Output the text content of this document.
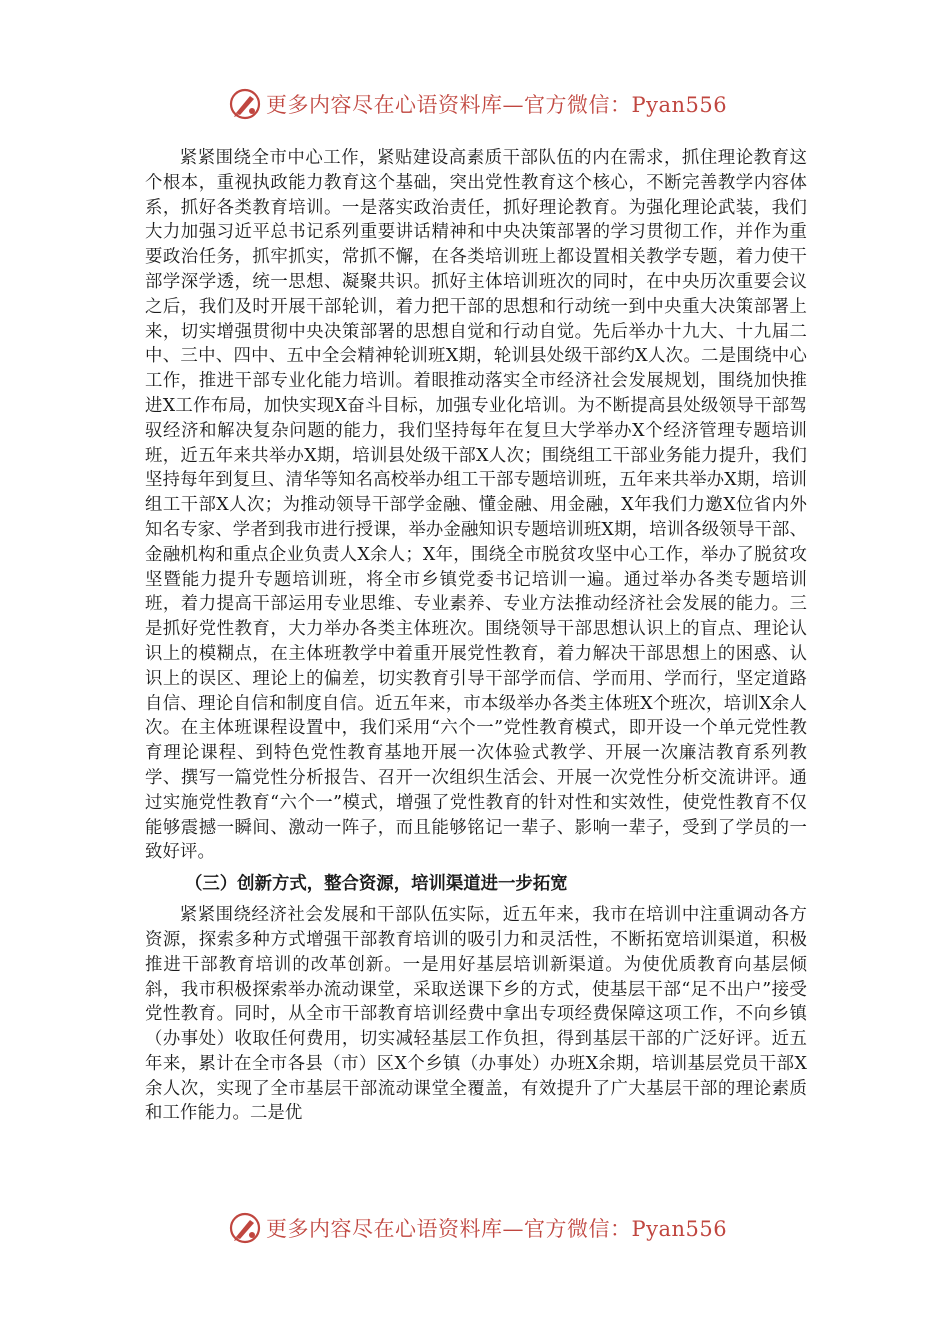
更多内容尽在心语资料库—官方微信：Pyan556

紧紧围绕全市中心工作，紧贴建设高素质干部队伍的内在需求，抓住理论教育这个根本，重视执政能力教育这个基础，突出党性教育这个核心，不断完善教学内容体系，抓好各类教育培训。一是落实政治责任，抓好理论教育。为强化理论武装，我们大力加强习近平总书记系列重要讲话精神和中央决策部署的学习贯彻工作，并作为重要政治任务，抓牢抓实，常抓不懈，在各类培训班上都设置相关教学专题，着力使干部学深学透，统一思想、凝聚共识。抓好主体培训班次的同时，在中央历次重要会议之后，我们及时开展干部轮训，着力把干部的思想和行动统一到中央重大决策部署上来，切实增强贯彻中央决策部署的思想自觉和行动自觉。先后举办十九大、十九届二中、三中、四中、五中全会精神轮训班X期，轮训县处级干部约X人次。二是围绕中心工作，推进干部专业化能力培训。着眼推动落实全市经济社会发展规划，围绕加快推进X工作布局，加快实现X奋斗目标，加强专业化培训。为不断提高县处级领导干部驾驭经济和解决复杂问题的能力，我们坚持每年在复旦大学举办X个经济管理专题培训班，近五年来共举办X期，培训县处级干部X人次；围绕组工干部业务能力提升，我们坚持每年到复旦、清华等知名高校举办组工干部专题培训班，五年来共举办X期，培训组工干部X人次；为推动领导干部学金融、懂金融、用金融，X年我们力邀X位省内外知名专家、学者到我市进行授课，举办金融知识专题培训班X期，培训各级领导干部、金融机构和重点企业负责人X余人；X年，围绕全市脱贫攻坚中心工作，举办了脱贫攻坚暨能力提升专题培训班，将全市乡镇党委书记培训一遍。通过举办各类专题培训班，着力提高干部运用专业思维、专业素养、专业方法推动经济社会发展的能力。三是抓好党性教育，大力举办各类主体班次。围绕领导干部思想认识上的盲点、理论认识上的模糊点，在主体班教学中着重开展党性教育，着力解决干部思想上的困惑、认识上的误区、理论上的偏差，切实教育引导干部学而信、学而用、学而行，坚定道路自信、理论自信和制度自信。近五年来，市本级举办各类主体班X个班次，培训X余人次。在主体班课程设置中，我们采用“六个一”党性教育模式，即开设一个单元党性教育理论课程、到特色党性教育基地开展一次体验式教学、开展一次廉洁教育系列教学、撰写一篇党性分析报告、召开一次组织生活会、开展一次党性分析交流讲评。通过实施党性教育“六个一”模式，增强了党性教育的针对性和实效性，使党性教育不仅能够震撼一瞬间、激动一阵子，而且能够铭记一辈子、影响一辈子，受到了学员的一致好评。

（三）创新方式，整合资源，培训渠道进一步拓宽

紧紧围绕经济社会发展和干部队伍实际，近五年来，我市在培训中注重调动各方资源，探索多种方式增强干部教育培训的吸引力和灵活性，不断拓宽培训渠道，积极推进干部教育培训的改革创新。一是用好基层培训新渠道。为使优质教育向基层倾斜，我市积极探索举办流动课堂，采取送课下乡的方式，使基层干部“足不出户”接受党性教育。同时，从全市干部教育培训经费中拿出专项经费保障这项工作，不向乡镇（办事处）收取任何费用，切实减轻基层工作负担，得到基层干部的广泛好评。近五年来，累计在全市各县（市）区X个乡镇（办事处）办班X余期，培训基层党员干部X余人次，实现了全市基层干部流动课堂全覆盖，有效提升了广大基层干部的理论素质和工作能力。二是优

更多内容尽在心语资料库—官方微信：Pyan556
